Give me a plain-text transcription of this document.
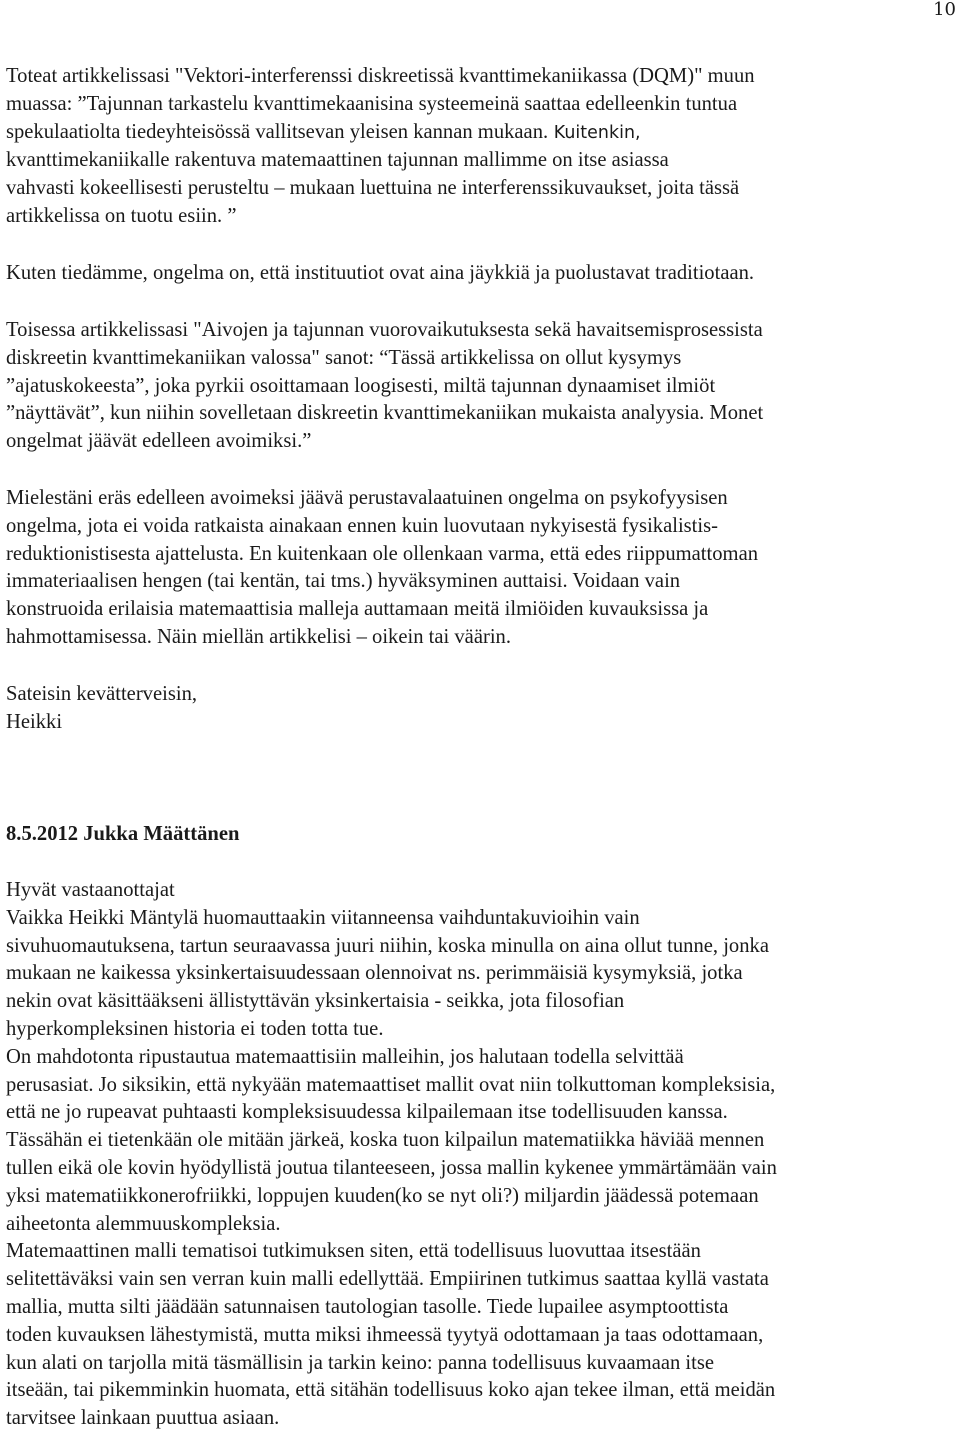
10
Toteat artikkelissasi "Vektori-interferenssi diskreetissä kvanttimekaniikassa (DQM)" muun
muassa: ”Tajunnan tarkastelu kvanttimekaanisina systeemeinä saattaa edelleenkin tuntua
spekulaatiolta tiedeyhteisössä vallitsevan yleisen kannan mukaan. Kuitenkin,
kvanttimekaniikalle rakentuva matemaattinen tajunnan mallimme on itse asiassa
vahvasti kokeellisesti perusteltu – mukaan luettuina ne interferenssikuvaukset, joita tässä
artikkelissa on tuotu esiin. ”
Kuten tiedämme, ongelma on, että instituutiot ovat aina jäykkiä ja puolustavat traditiotaan.
Toisessa artikkelissasi "Aivojen ja tajunnan vuorovaikutuksesta sekä havaitsemisprosessista
diskreetin kvanttimekaniikan valossa" sanot: “Tässä artikkelissa on ollut kysymys
”ajatuskokeesta”, joka pyrkii osoittamaan loogisesti, miltä tajunnan dynaamiset ilmiöt
”näyttävät”, kun niihin sovelletaan diskreetin kvanttimekaniikan mukaista analyysia. Monet
ongelmat jäävät edelleen avoimiksi.”
Mielestäni eräs edelleen avoimeksi jäävä perustavalaatuinen ongelma on psykofyysisen
ongelma, jota ei voida ratkaista ainakaan ennen kuin luovutaan nykyisestä fysikalistis-
reduktionistisesta ajattelusta. En kuitenkaan ole ollenkaan varma, että edes riippumattoman
immateriaalisen hengen (tai kentän, tai tms.) hyväksyminen auttaisi. Voidaan vain
konstruoida erilaisia matemaattisia malleja auttamaan meitä ilmiöiden kuvauksissa ja
hahmottamisessa. Näin miellän artikkelisi – oikein tai väärin.
Sateisin kevätterveisin,
Heikki
8.5.2012 Jukka Määttänen
Hyvät vastaanottajat
Vaikka Heikki Mäntylä huomauttaakin viitanneensa vaihduntakuvioihin vain
sivuhuomautuksena, tartun seuraavassa juuri niihin, koska minulla on aina ollut tunne, jonka
mukaan ne kaikessa yksinkertaisuudessaan olennoivat ns. perimmäisiä kysymyksiä, jotka
nekin ovat käsittääkseni ällistyttävän yksinkertaisia - seikka, jota filosofian
hyperkompleksinen historia ei toden totta tue.
On mahdotonta ripustautua matemaattisiin malleihin, jos halutaan todella selvittää
perusasiat. Jo siksikin, että nykyään matemaattiset mallit ovat niin tolkuttoman kompleksisia,
että ne jo rupeavat puhtaasti kompleksisuudessa kilpailemaan itse todellisuuden kanssa.
Tässähän ei tietenkään ole mitään järkeä, koska tuon kilpailun matematiikka häviää mennen
tullen eikä ole kovin hyödyllistä joutua tilanteeseen, jossa mallin kykenee ymmärtämään vain
yksi matematiikkonerofriikki, loppujen kuuden(ko se nyt oli?) miljardin jäädessä potemaan
aiheetonta alemmuuskompleksia.
Matemaattinen malli tematisoi tutkimuksen siten, että todellisuus luovuttaa itsestään
selitettäväksi vain sen verran kuin malli edellyttää. Empiirinen tutkimus saattaa kyllä vastata
mallia, mutta silti jäädään satunnaisen tautologian tasolle. Tiede lupailee asymptoottista
toden kuvauksen lähestymistä, mutta miksi ihmeessä tyytyä odottamaan ja taas odottamaan,
kun alati on tarjolla mitä täsmällisin ja tarkin keino: panna todellisuus kuvaamaan itse
itseään, tai pikemminkin huomata, että sitähän todellisuus koko ajan tekee ilman, että meidän
tarvitsee lainkaan puuttua asiaan.
